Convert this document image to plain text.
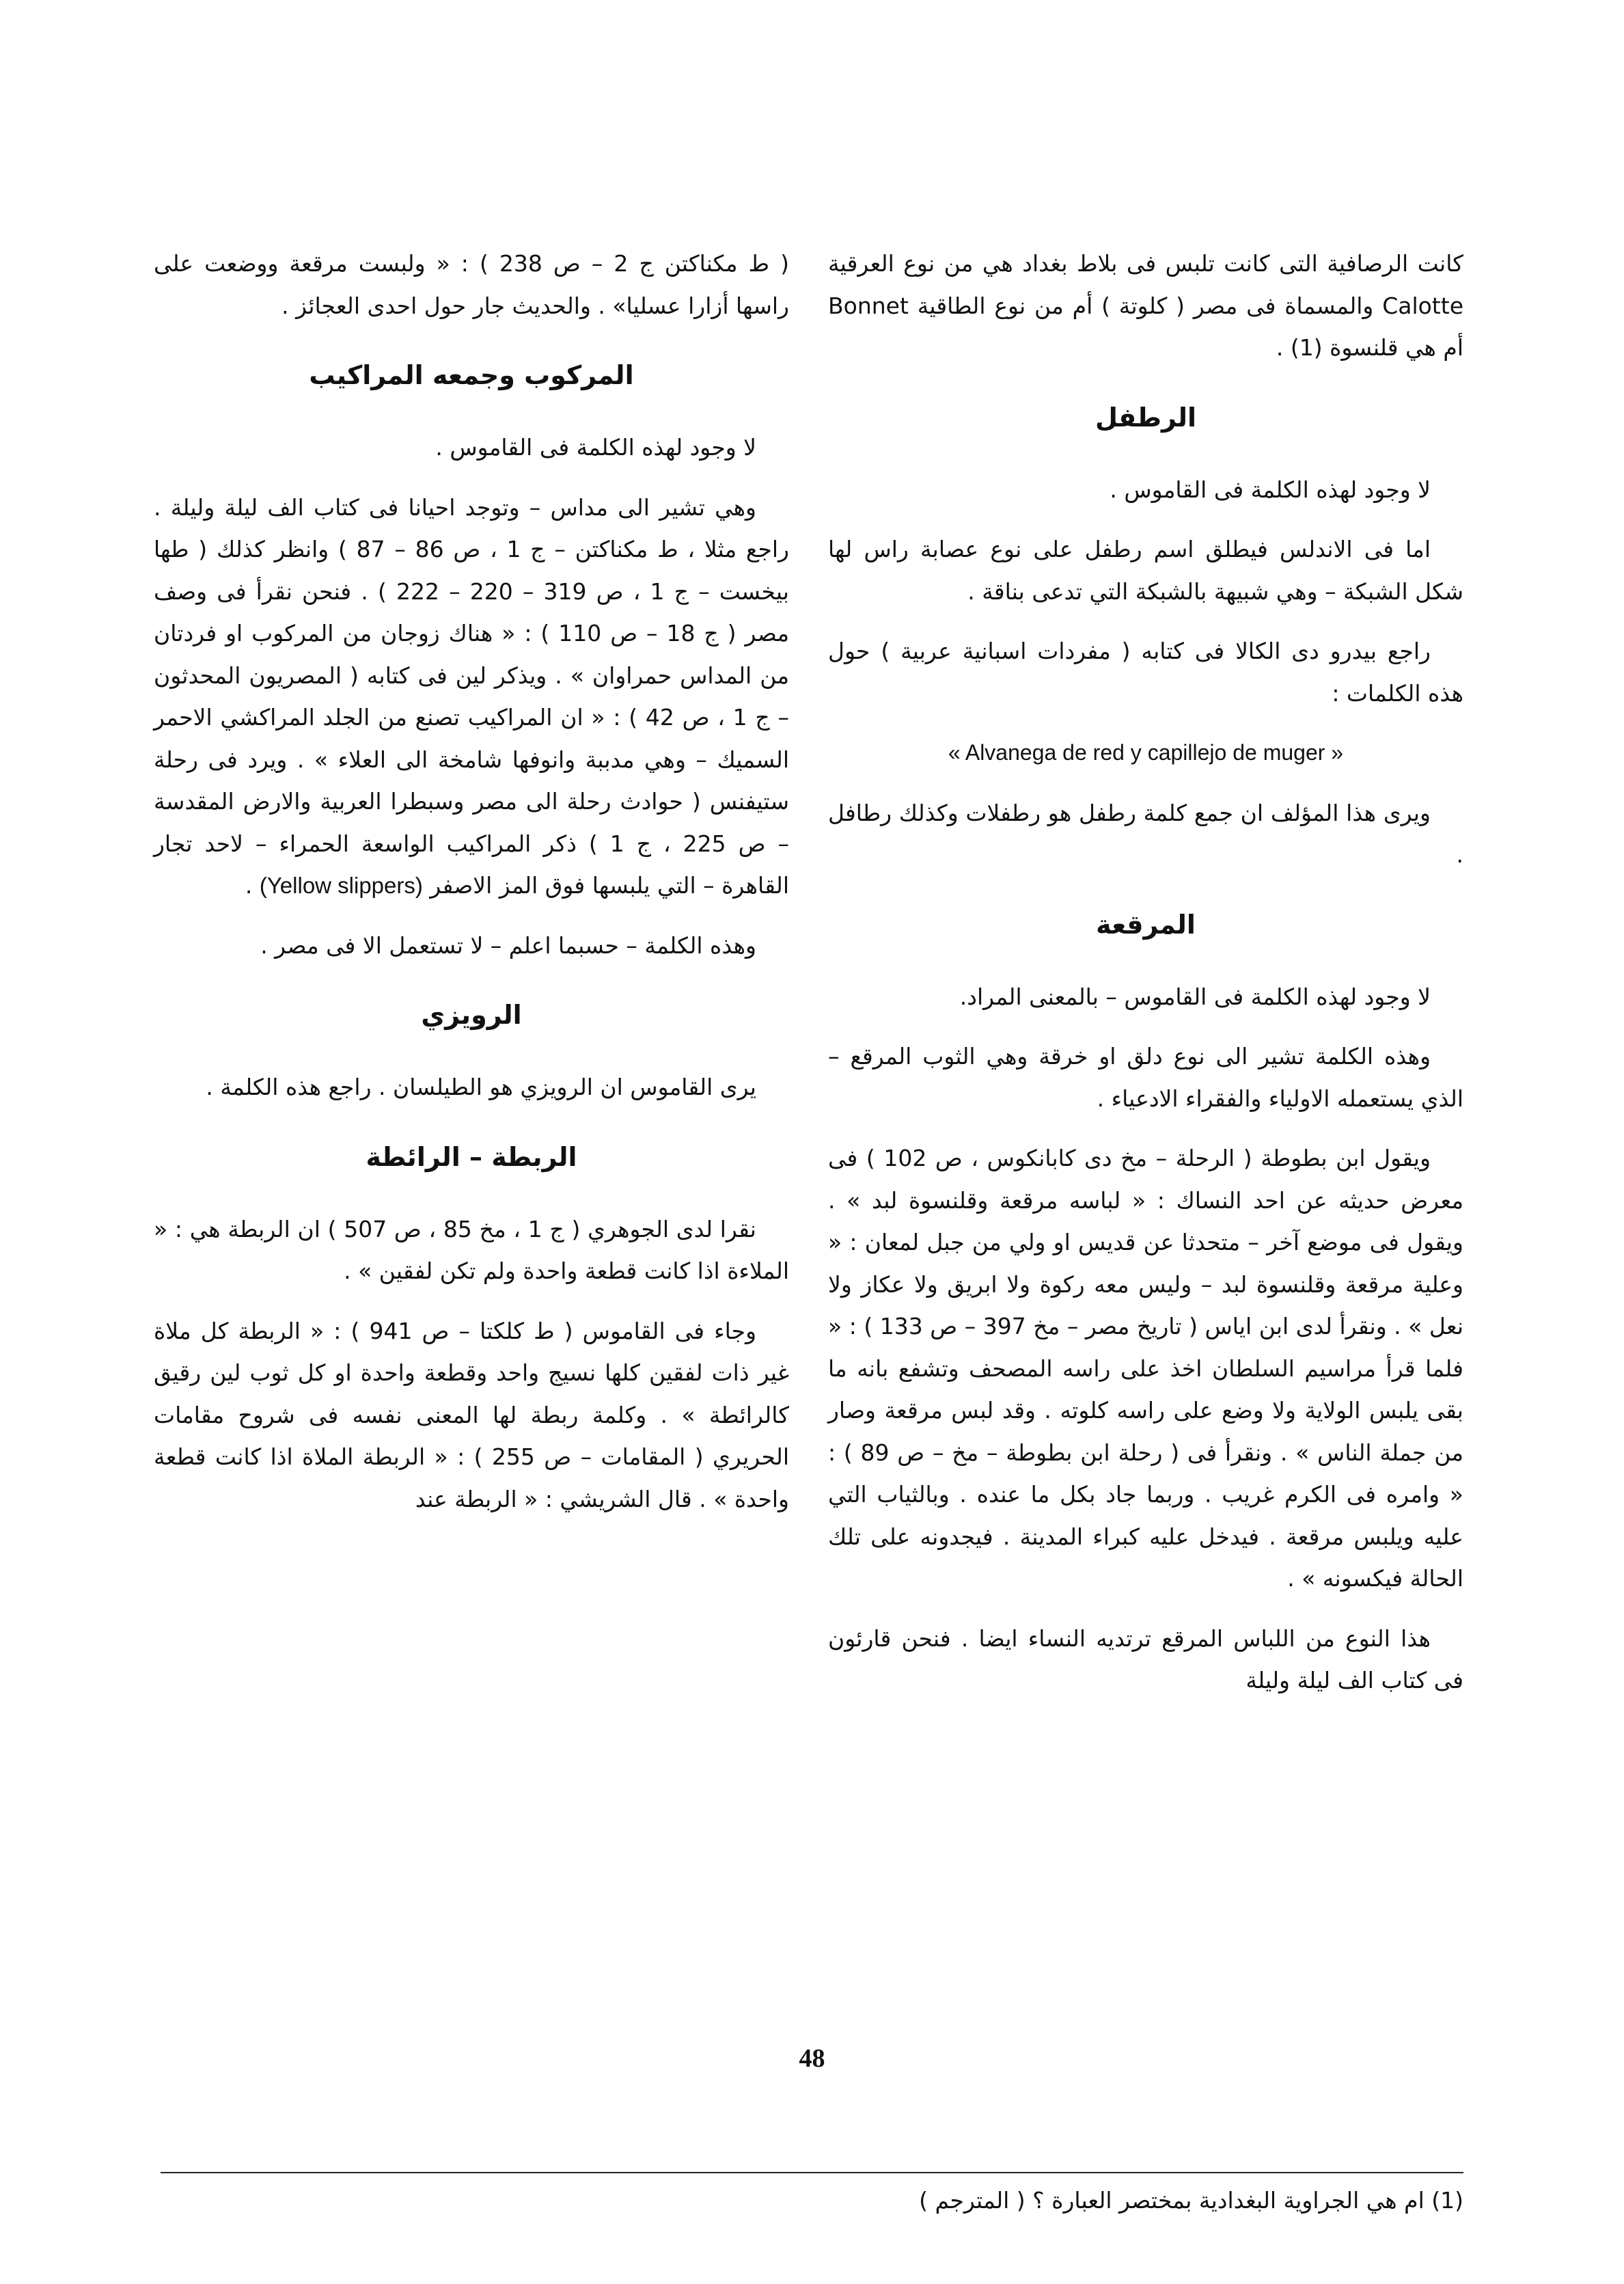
كانت الرصافية التى كانت تلبس فى بلاط بغداد هي من نوع العرقية Calotte والمسماة فى مصر ( كلوتة ) أم من نوع الطاقية Bonnet أم هي قلنسوة (1) .

الرطفل

لا وجود لهذه الكلمة فى القاموس .

اما فى الاندلس فيطلق اسم رطفل على نوع عصابة راس لها شكل الشبكة – وهي شبيهة بالشبكة التي تدعى بناقة .

راجع بيدرو دى الكالا فى كتابه ( مفردات اسبانية عربية ) حول هذه الكلمات :

« Alvanega de red y capillejo de muger »

ويرى هذا المؤلف ان جمع كلمة رطفل هو رطفلات وكذلك رطافل .

المرقعة

لا وجود لهذه الكلمة فى القاموس – بالمعنى المراد.

وهذه الكلمة تشير الى نوع دلق او خرقة وهي الثوب المرقع – الذي يستعمله الاولياء والفقراء الادعياء .

ويقول ابن بطوطة ( الرحلة – مخ دى كابانكوس ، ص 102 ) فى معرض حديثه عن احد النساك : « لباسه مرقعة وقلنسوة لبد » . ويقول فى موضع آخر – متحدثا عن قديس او ولي من جبل لمعان : « وعلية مرقعة وقلنسوة لبد – وليس معه ركوة ولا ابريق ولا عكاز ولا نعل » . ونقرأ لدى ابن اياس ( تاريخ مصر – مخ 397 – ص 133 ) : « فلما قرأ مراسيم السلطان اخذ على راسه المصحف وتشفع بانه ما بقى يلبس الولاية ولا وضع على راسه كلوته . وقد لبس مرقعة وصار من جملة الناس » . ونقرأ فى ( رحلة ابن بطوطة – مخ – ص 89 ) : « وامره فى الكرم غريب . وربما جاد بكل ما عنده . وبالثياب التي عليه ويلبس مرقعة . فيدخل عليه كبراء المدينة . فيجدونه على تلك الحالة فيكسونه » .

هذا النوع من اللباس المرقع ترتديه النساء ايضا . فنحن قارئون فى كتاب الف ليلة وليلة

( ط مكناكتن ج 2 – ص 238 ) : « ولبست مرقعة ووضعت على راسها أزارا عسليا» . والحديث جار حول احدى العجائز .

المركوب وجمعه المراكيب

لا وجود لهذه الكلمة فى القاموس .

وهي تشير الى مداس – وتوجد احيانا فى كتاب الف ليلة وليلة . راجع مثلا ، ط مكناكتن – ج 1 ، ص 86 – 87 ) وانظر كذلك ( طها بيخست – ج 1 ، ص 319 – 220 – 222 ) . فنحن نقرأ فى وصف مصر ( ج 18 – ص 110 ) : « هناك زوجان من المركوب او فردتان من المداس حمراوان » . ويذكر لين فى كتابه ( المصريون المحدثون – ج 1 ، ص 42 ) : « ان المراكيب تصنع من الجلد المراكشي الاحمر السميك – وهي مدببة وانوفها شامخة الى العلاء » . ويرد فى رحلة ستيفنس ( حوادث رحلة الى مصر وسبطرا العربية والارض المقدسة – ص 225 ، ج 1 ) ذكر المراكيب الواسعة الحمراء – لاحد تجار القاهرة – التي يلبسها فوق المز الاصفر (Yellow slippers) .

وهذه الكلمة – حسبما اعلم – لا تستعمل الا فى مصر .

الرويزي

يرى القاموس ان الرويزي هو الطيلسان . راجع هذه الكلمة .

الربطة – الرائطة

نقرا لدى الجوهري ( ج 1 ، مخ 85 ، ص 507 ) ان الربطة هي : « الملاءة اذا كانت قطعة واحدة ولم تكن لفقين » .

وجاء فى القاموس ( ط كلكتا – ص 941 ) : « الربطة كل ملاة غير ذات لفقين كلها نسيج واحد وقطعة واحدة او كل ثوب لين رقيق كالرائطة » . وكلمة ربطة لها المعنى نفسه فى شروح مقامات الحريري ( المقامات – ص 255 ) : « الربطة الملاة اذا كانت قطعة واحدة » . قال الشريشي : « الربطة عند

(1) ام هي الجراوية البغدادية بمختصر العبارة ؟ ( المترجم )
48
